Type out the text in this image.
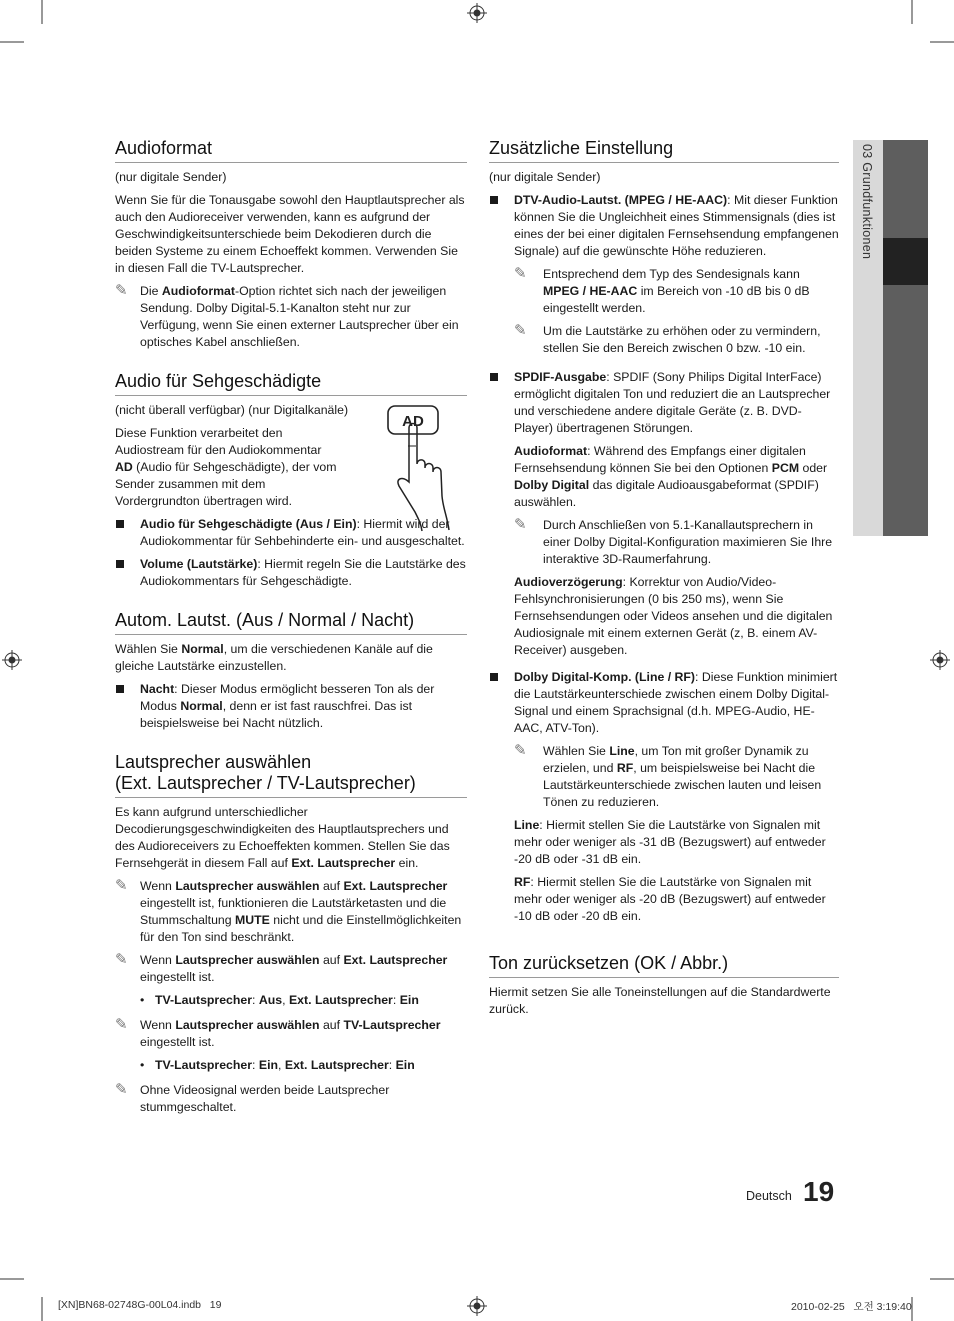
03 Grundfunktionen
Audioformat

(nur digitale Sender)

Wenn Sie für die Tonausgabe sowohl den Hauptlautsprecher als auch den Audioreceiver verwenden, kann es aufgrund der Geschwindigkeitsunterschiede beim Dekodieren durch die beiden Systeme zu einem Echoeffekt kommen. Verwenden Sie in diesen Fall die TV-Lautsprecher.

✎ Die Audioformat-Option richtet sich nach der jeweiligen Sendung. Dolby Digital-5.1-Kanalton steht nur zur Verfügung, wenn Sie einen externer Lautsprecher über ein optisches Kabel anschließen.
Audio für Sehgeschädigte

(nicht überall verfügbar) (nur Digitalkanäle)

Diese Funktion verarbeitet den Audiostream für den Audiokommentar AD (Audio für Sehgeschädigte), der vom Sender zusammen mit dem Vordergrundton übertragen wird.

AD
Audio für Sehgeschädigte (Aus / Ein): Hiermit wird der Audiokommentar für Sehbehinderte ein- und ausgeschaltet.
Volume (Lautstärke): Hiermit regeln Sie die Lautstärke des Audiokommentars für Sehgeschädigte.
Autom. Lautst. (Aus / Normal / Nacht)

Wählen Sie Normal, um die verschiedenen Kanäle auf die gleiche Lautstärke einzustellen.

Nacht: Dieser Modus ermöglicht besseren Ton als der Modus Normal, denn er ist fast rauschfrei. Das ist beispielsweise bei Nacht nützlich.
Lautsprecher auswählen
(Ext. Lautsprecher / TV-Lautsprecher)

Es kann aufgrund unterschiedlicher Decodierungsgeschwindigkeiten des Hauptlautsprechers und des Audioreceivers zu Echoeffekten kommen. Stellen Sie das Fernsehgerät in diesem Fall auf Ext. Lautsprecher ein.

✎ Wenn Lautsprecher auswählen auf Ext. Lautsprecher eingestellt ist, funktionieren die Lautstärketasten und die Stummschaltung MUTE nicht und die Einstellmöglichkeiten für den Ton sind beschränkt.
✎ Wenn Lautsprecher auswählen auf Ext. Lautsprecher eingestellt ist.
• TV-Lautsprecher: Aus, Ext. Lautsprecher: Ein
✎ Wenn Lautsprecher auswählen auf TV-Lautsprecher eingestellt ist.
• TV-Lautsprecher: Ein, Ext. Lautsprecher: Ein
✎ Ohne Videosignal werden beide Lautsprecher stummgeschaltet.
Zusätzliche Einstellung

(nur digitale Sender)

DTV-Audio-Lautst. (MPEG / HE-AAC): Mit dieser Funktion können Sie die Ungleichheit eines Stimmensignals (dies ist eines der bei einer digitalen Fernsehsendung empfangenen Signale) auf die gewünschte Höhe reduzieren.
✎ Entsprechend dem Typ des Sendesignals kann MPEG / HE-AAC im Bereich von -10 dB bis 0 dB eingestellt werden.
✎ Um die Lautstärke zu erhöhen oder zu vermindern, stellen Sie den Bereich zwischen 0 bzw. -10 ein.
SPDIF-Ausgabe: SPDIF (Sony Philips Digital InterFace) ermöglicht digitalen Ton und reduziert die an Lautsprecher und verschiedene andere digitale Geräte (z. B. DVD-Player) übertragenen Störungen.

Audioformat: Während des Empfangs einer digitalen Fernsehsendung können Sie bei den Optionen PCM oder Dolby Digital das digitale Audioausgabeformat (SPDIF) auswählen.

✎ Durch Anschließen von 5.1-Kanallautsprechern in einer Dolby Digital-Konfiguration maximieren Sie Ihre interaktive 3D-Raumerfahrung.

Audioverzögerung: Korrektur von Audio/Video-Fehlsynchronisierungen (0 bis 250 ms), wenn Sie Fernsehsendungen oder Videos ansehen und die digitalen Audiosignale mit einem externen Gerät (z, B. einem AV-Receiver) ausgeben.

Dolby Digital-Komp. (Line / RF): Diese Funktion minimiert die Lautstärkeunterschiede zwischen einem Dolby Digital-Signal und einem Sprachsignal (d.h. MPEG-Audio, HE-AAC, ATV-Ton).
✎ Wählen Sie Line, um Ton mit großer Dynamik zu erzielen, und RF, um beispielsweise bei Nacht die Lautstärkeunterschiede zwischen lauten und leisen Tönen zu reduzieren.

Line: Hiermit stellen Sie die Lautstärke von Signalen mit mehr oder weniger als -31 dB (Bezugswert) auf entweder -20 dB oder -31 dB ein.

RF: Hiermit stellen Sie die Lautstärke von Signalen mit mehr oder weniger als -20 dB (Bezugswert) auf entweder -10 dB oder -20 dB ein.

Ton zurücksetzen (OK / Abbr.)

Hiermit setzen Sie alle Toneinstellungen auf die Standardwerte zurück.

Deutsch 19
[XN]BN68-02748G-00L04.indb   19	2010-02-25   오전 3:19:40
